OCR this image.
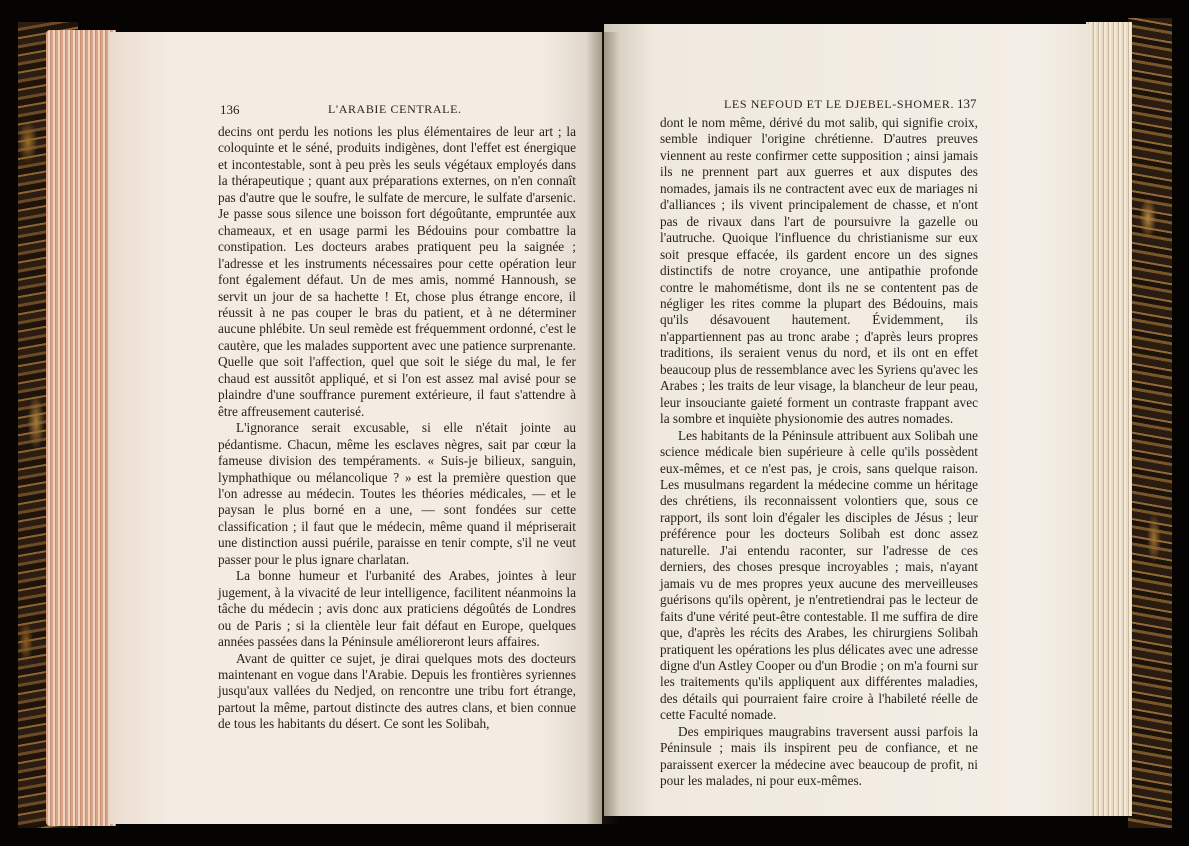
136	L'ARABIE CENTRALE.

decins ont perdu les notions les plus élémentaires de leur art ; la coloquinte et le séné, produits indigènes, dont l'effet est énergique et incontestable, sont à peu près les seuls végétaux employés dans la thérapeutique ; quant aux préparations externes, on n'en connaît pas d'autre que le soufre, le sulfate de mercure, le sulfate d'arsenic. Je passe sous silence une boisson fort dégoûtante, empruntée aux chameaux, et en usage parmi les Bédouins pour combattre la constipation. Les docteurs arabes pratiquent peu la saignée ; l'adresse et les instruments nécessaires pour cette opération leur font également défaut. Un de mes amis, nommé Hannoush, se servit un jour de sa hachette ! Et, chose plus étrange encore, il réussit à ne pas couper le bras du patient, et à ne déterminer aucune phlébite. Un seul remède est fréquemment ordonné, c'est le cautère, que les malades supportent avec une patience surprenante. Quelle que soit l'affection, quel que soit le siége du mal, le fer chaud est aussitôt appliqué, et si l'on est assez mal avisé pour se plaindre d'une souffrance purement extérieure, il faut s'attendre à être affreusement cauterisé.

L'ignorance serait excusable, si elle n'était jointe au pédantisme. Chacun, même les esclaves nègres, sait par cœur la fameuse division des tempéraments. « Suis-je bilieux, sanguin, lymphathique ou mélancolique ? » est la première question que l'on adresse au médecin. Toutes les théories médicales, — et le paysan le plus borné en a une, — sont fondées sur cette classification ; il faut que le médecin, même quand il mépriserait une distinction aussi puérile, paraisse en tenir compte, s'il ne veut passer pour le plus ignare charlatan.

La bonne humeur et l'urbanité des Arabes, jointes à leur jugement, à la vivacité de leur intelligence, facilitent néanmoins la tâche du médecin ; avis donc aux praticiens dégoûtés de Londres ou de Paris ; si la clientèle leur fait défaut en Europe, quelques années passées dans la Péninsule amélioreront leurs affaires.

Avant de quitter ce sujet, je dirai quelques mots des docteurs maintenant en vogue dans l'Arabie. Depuis les frontières syriennes jusqu'aux vallées du Nedjed, on rencontre une tribu fort étrange, partout la même, partout distincte des autres clans, et bien connue de tous les habitants du désert. Ce sont les Solibah,

LES NEFOUD ET LE DJEBEL-SHOMER. 137

dont le nom même, dérivé du mot salib, qui signifie croix, semble indiquer l'origine chrétienne. D'autres preuves viennent au reste confirmer cette supposition ; ainsi jamais ils ne prennent part aux guerres et aux disputes des nomades, jamais ils ne contractent avec eux de mariages ni d'alliances ; ils vivent principalement de chasse, et n'ont pas de rivaux dans l'art de poursuivre la gazelle ou l'autruche. Quoique l'influence du christianisme sur eux soit presque effacée, ils gardent encore un des signes distinctifs de notre croyance, une antipathie profonde contre le mahométisme, dont ils ne se contentent pas de négliger les rites comme la plupart des Bédouins, mais qu'ils désavouent hautement. Évidemment, ils n'appartiennent pas au tronc arabe ; d'après leurs propres traditions, ils seraient venus du nord, et ils ont en effet beaucoup plus de ressemblance avec les Syriens qu'avec les Arabes ; les traits de leur visage, la blancheur de leur peau, leur insouciante gaieté forment un contraste frappant avec la sombre et inquiète physionomie des autres nomades.

Les habitants de la Péninsule attribuent aux Solibah une science médicale bien supérieure à celle qu'ils possèdent eux-mêmes, et ce n'est pas, je crois, sans quelque raison. Les musulmans regardent la médecine comme un héritage des chrétiens, ils reconnaissent volontiers que, sous ce rapport, ils sont loin d'égaler les disciples de Jésus ; leur préférence pour les docteurs Solibah est donc assez naturelle. J'ai entendu raconter, sur l'adresse de ces derniers, des choses presque incroyables ; mais, n'ayant jamais vu de mes propres yeux aucune des merveilleuses guérisons qu'ils opèrent, je n'entretiendrai pas le lecteur de faits d'une vérité peut-être contestable. Il me suffira de dire que, d'après les récits des Arabes, les chirurgiens Solibah pratiquent les opérations les plus délicates avec une adresse digne d'un Astley Cooper ou d'un Brodie ; on m'a fourni sur les traitements qu'ils appliquent aux différentes maladies, des détails qui pourraient faire croire à l'habileté réelle de cette Faculté nomade.

Des empiriques maugrabins traversent aussi parfois la Péninsule ; mais ils inspirent peu de confiance, et ne paraissent exercer la médecine avec beaucoup de profit, ni pour les malades, ni pour eux-mêmes.
